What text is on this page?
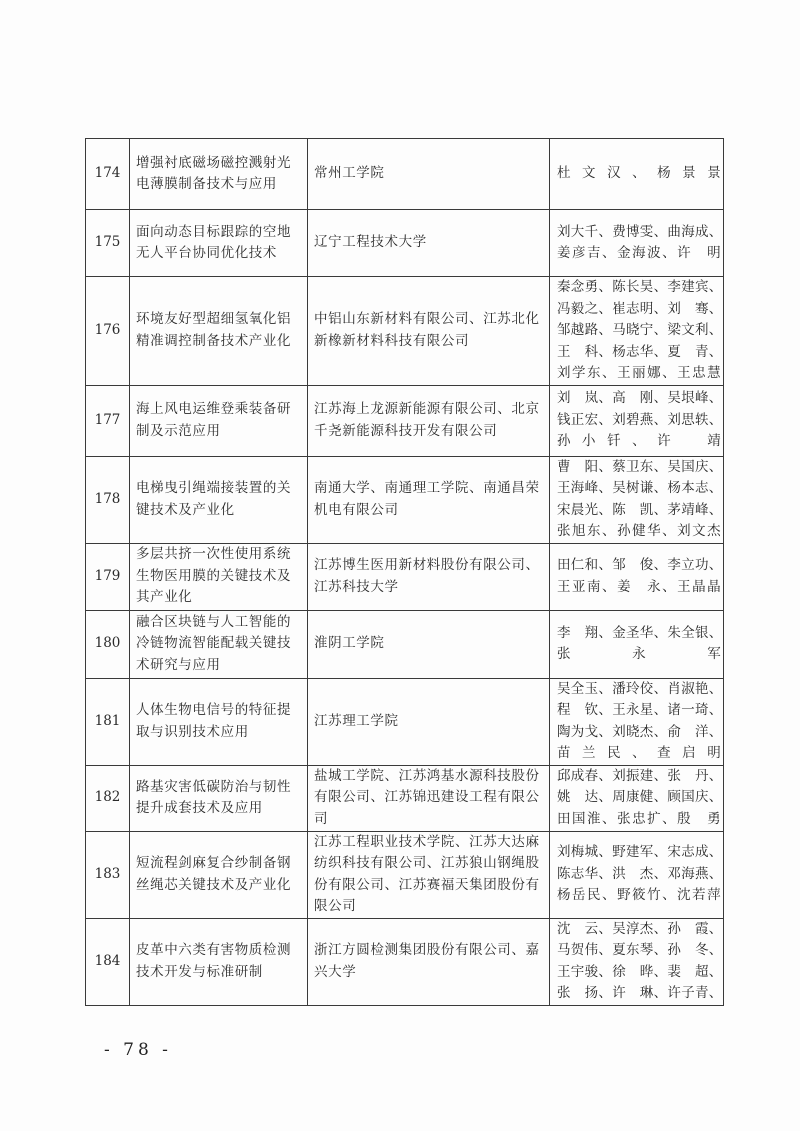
174	增强衬底磁场磁控溅射光电薄膜制备技术与应用	常州工学院	杜文汉、杨景景

175	面向动态目标跟踪的空地无人平台协同优化技术	辽宁工程技术大学	刘大千、费博雯、曲海成、
姜彦吉、金海波、许　明

176	环境友好型超细氢氧化铝精准调控制备技术产业化	中铝山东新材料有限公司、江苏北化新橡新材料科技有限公司	秦念勇、陈长昊、李建宾、
冯毅之、崔志明、刘　骞、
邹越路、马晓宁、梁文利、
王　科、杨志华、夏　青、
刘学东、王丽娜、王忠慧

177	海上风电运维登乘装备研制及示范应用	江苏海上龙源新能源有限公司、北京千尧新能源科技开发有限公司	刘　岚、高　刚、吴垠峰、
钱正宏、刘碧燕、刘思轶、
孙小钎、许　靖

178	电梯曳引绳端接装置的关键技术及产业化	南通大学、南通理工学院、南通昌荣机电有限公司	曹　阳、蔡卫东、吴国庆、
王海峰、吴树谦、杨本志、
宋晨光、陈　凯、茅靖峰、
张旭东、孙健华、刘文杰

179	多层共挤一次性使用系统生物医用膜的关键技术及其产业化	江苏博生医用新材料股份有限公司、江苏科技大学	田仁和、邹　俊、李立功、
王亚南、姜　永、王晶晶

180	融合区块链与人工智能的冷链物流智能配载关键技术研究与应用	淮阴工学院	李　翔、金圣华、朱全银、
张永军

181	人体生物电信号的特征提取与识别技术应用	江苏理工学院	吴全玉、潘玲佼、肖淑艳、
程　钦、王永星、诸一琦、
陶为戈、刘晓杰、俞　洋、
苗兰民、查启明

182	路基灾害低碳防治与韧性提升成套技术及应用	盐城工学院、江苏鸿基水源科技股份有限公司、江苏锦迅建设工程有限公司	邱成春、刘振建、张　丹、
姚　达、周康健、顾国庆、
田国淮、张忠扩、殷　勇

183	短流程剑麻复合纱制备钢丝绳芯关键技术及产业化	江苏工程职业技术学院、江苏大达麻纺织科技有限公司、江苏狼山钢绳股份有限公司、江苏赛福天集团股份有限公司	刘梅城、野建军、宋志成、
陈志华、洪　杰、邓海燕、
杨岳民、野筱竹、沈若萍

184	皮革中六类有害物质检测技术开发与标准研制	浙江方圆检测集团股份有限公司、嘉兴大学	沈　云、吴淳杰、孙　霞、
马贺伟、夏东琴、孙　冬、
王宇骏、徐　晔、裴　超、
张　扬、许　琳、许子青、
- 78 -
